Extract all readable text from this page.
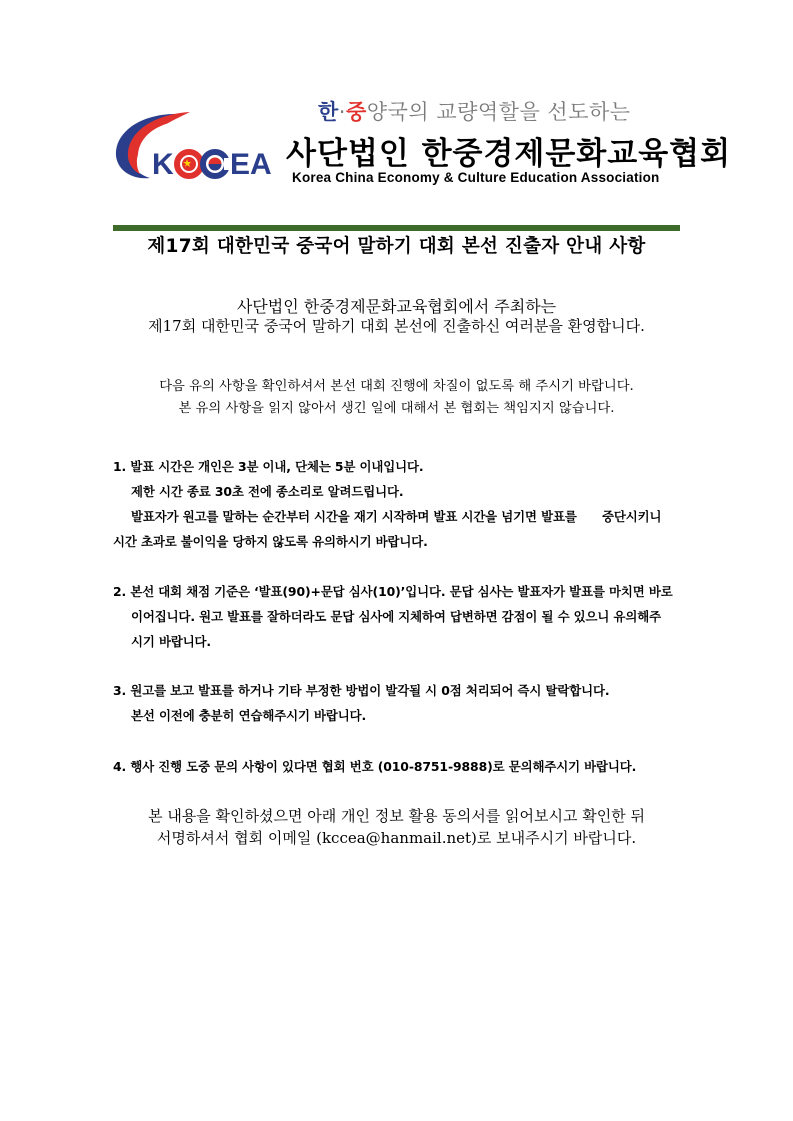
K EA
한·중양국의 교량역할을 선도하는
사단법인 한중경제문화교육협회
Korea China Economy & Culture Education Association
제17회 대한민국 중국어 말하기 대회 본선 진출자 안내 사항
사단법인 한중경제문화교육협회에서 주최하는
제17회 대한민국 중국어 말하기 대회 본선에 진출하신 여러분을 환영합니다.
다음 유의 사항을 확인하셔서 본선 대회 진행에 차질이 없도록 해 주시기 바랍니다.
본 유의 사항을 읽지 않아서 생긴 일에 대해서 본 협회는 책임지지 않습니다.
1. 발표 시간은 개인은 3분 이내, 단체는 5분 이내입니다.
제한 시간 종료 30초 전에 종소리로 알려드립니다.
발표자가 원고를 말하는 순간부터 시간을 재기 시작하며 발표 시간을 넘기면 발표를      중단시키니
시간 초과로 불이익을 당하지 않도록 유의하시기 바랍니다.
2. 본선 대회 채점 기준은 ‘발표(90)+문답 심사(10)’입니다. 문답 심사는 발표자가 발표를 마치면 바로
이어집니다. 원고 발표를 잘하더라도 문답 심사에 지체하여 답변하면 감점이 될 수 있으니 유의해주
시기 바랍니다.
3. 원고를 보고 발표를 하거나 기타 부정한 방법이 발각될 시 0점 처리되어 즉시 탈락합니다.
본선 이전에 충분히 연습해주시기 바랍니다.
4. 행사 진행 도중 문의 사항이 있다면 협회 번호 (010-8751-9888)로 문의해주시기 바랍니다.
본 내용을 확인하셨으면 아래 개인 정보 활용 동의서를 읽어보시고 확인한 뒤
서명하셔서 협회 이메일 (kccea@hanmail.net)로 보내주시기 바랍니다.
